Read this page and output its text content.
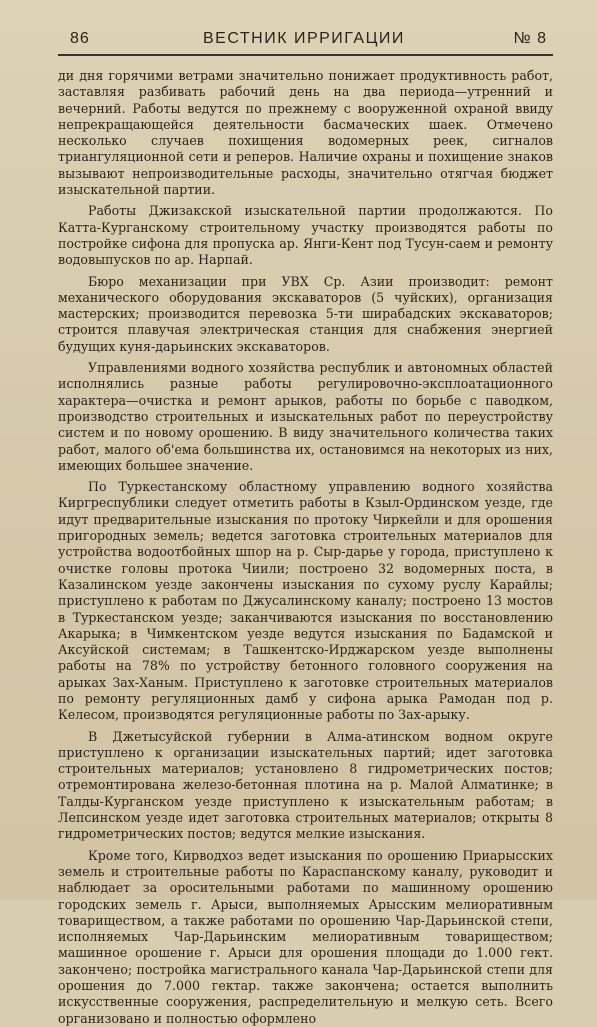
86	ВЕСТНИК ИРРИГАЦИИ	№ 8

ди дня горячими ветрами значительно понижает продуктивность работ, заставляя разбивать рабочий день на два периода—утренний и вечерний. Работы ведутся по прежнему с вооруженной охраной ввиду непрекращающейся деятельности басмаческих шаек. Отмечено несколько случаев похищения водомерных реек, сигналов триангуляционной сети и реперов. Наличие охраны и похищение знаков вызывают непроизводительные расходы, значительно отягчая бюджет изыскательной партии.

Работы Джизакской изыскательной партии продолжаются. По Катта-Курганскому строительному участку производятся работы по постройке сифона для пропуска ар. Янги-Кент под Тусун-саем и ремонту водовыпусков по ар. Нарпай.

Бюро механизации при УВХ Ср. Азии производит: ремонт механического оборудования экскаваторов (5 чуйских), организация мастерских; производится перевозка 5-ти ширабадских экскаваторов; строится плавучая электрическая станция для снабжения энергией будущих куня-дарьинских экскаваторов.

Управлениями водного хозяйства республик и автономных областей исполнялись разные работы регулировочно-эксплоатационного характера—очистка и ремонт арыков, работы по борьбе с паводком, производство строительных и изыскательных работ по переустройству систем и по новому орошению. В виду значительного количества таких работ, малого об'ема большинства их, остановимся на некоторых из них, имеющих большее значение.

По Туркестанскому областному управлению водного хозяйства Киргреспублики следует отметить работы в Кзыл-Ординском уезде, где идут предварительные изыскания по протоку Чиркейли и для орошения пригородных земель; ведется заготовка строительных материалов для устройства водоотбойных шпор на р. Сыр-дарье у города, приступлено к очистке головы протока Чиили; построено 32 водомерных поста, в Казалинском уезде закончены изыскания по сухому руслу Карайлы; приступлено к работам по Джусалинскому каналу; построено 13 мостов в Туркестанском уезде; заканчиваются изыскания по восстановлению Акарыка; в Чимкентском уезде ведутся изыскания по Бадамской и Аксуйской системам; в Ташкентско-Ирджарском уезде выполнены работы на 78% по устройству бетонного головного сооружения на арыках Зах-Ханым. Приступлено к заготовке строительных материалов по ремонту регуляционных дамб у сифона арыка Рамодан под р. Келесом, производятся регуляционные работы по Зах-арыку.

В Джетысуйской губернии в Алма-атинском водном округе приступлено к организации изыскательных партий; идет заготовка строительных материалов; установлено 8 гидрометрических постов; отремонтирована железо-бетонная плотина на р. Малой Алматинке; в Талды-Курганском уезде приступлено к изыскательным работам; в Лепсинском уезде идет заготовка строительных материалов; открыты 8 гидрометрических постов; ведутся мелкие изыскания.

Кроме того, Кирводхоз ведет изыскания по орошению Приарысских земель и строительные работы по Караспанскому каналу, руководит и наблюдает за оросительными работами по машинному орошению городских земель г. Арыси, выполняемых Арысским мелиоративным товариществом, а также работами по орошению Чар-Дарьинской степи, исполняемых Чар-Дарьинским мелиоративным товариществом; машинное орошение г. Арыси для орошения площади до 1.000 гект. закончено; постройка магистрального канала Чар-Дарьинской степи для орошения до 7.000 гектар. также закончена; остается выполнить искусственные сооружения, распределительную и мелкую сеть. Всего организовано и полностью оформлено
